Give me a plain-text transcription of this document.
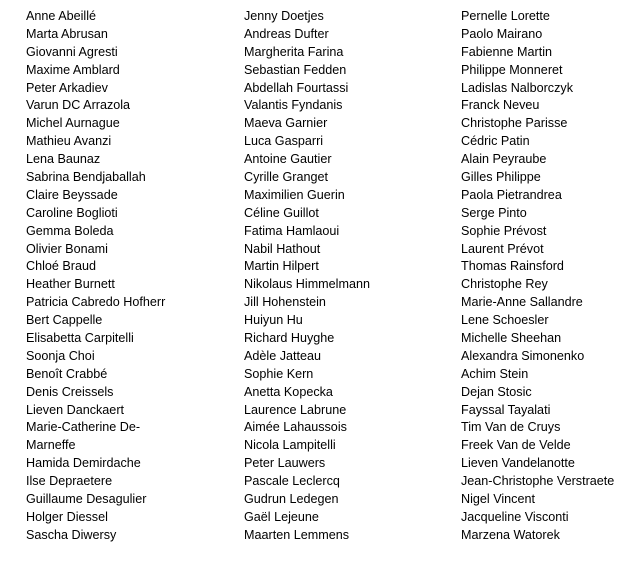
Anne Abeillé
Marta Abrusan
Giovanni Agresti
Maxime Amblard
Peter Arkadiev
Varun DC Arrazola
Michel Aurnague
Mathieu Avanzi
Lena Baunaz
Sabrina Bendjaballah
Claire Beyssade
Caroline Boglioti
Gemma Boleda
Olivier Bonami
Chloé Braud
Heather Burnett
Patricia Cabredo Hofherr
Bert Cappelle
Elisabetta Carpitelli
Soonja Choi
Benoît Crabbé
Denis Creissels
Lieven Danckaert
Marie-Catherine De-
Marneffe
Hamida Demirdache
Ilse Depraetere
Guillaume Desagulier
Holger Diessel
Sascha Diwersy
Jenny Doetjes
Andreas Dufter
Margherita Farina
Sebastian Fedden
Abdellah Fourtassi
Valantis Fyndanis
Maeva Garnier
Luca Gasparri
Antoine Gautier
Cyrille Granget
Maximilien Guerin
Céline Guillot
Fatima Hamlaoui
Nabil Hathout
Martin Hilpert
Nikolaus Himmelmann
Jill Hohenstein
Huiyun Hu
Richard Huyghe
Adèle Jatteau
Sophie Kern
Anetta Kopecka
Laurence Labrune
Aimée Lahaussois
Nicola Lampitelli
Peter Lauwers
Pascale Leclercq
Gudrun Ledegen
Gaël Lejeune
Maarten Lemmens
Pernelle Lorette
Paolo Mairano
Fabienne Martin
Philippe Monneret
Ladislas Nalborczyk
Franck Neveu
Christophe Parisse
Cédric Patin
Alain Peyraube
Gilles Philippe
Paola Pietrandrea
Serge Pinto
Sophie Prévost
Laurent Prévot
Thomas Rainsford
Christophe Rey
Marie-Anne Sallandre
Lene Schoesler
Michelle Sheehan
Alexandra Simonenko
Achim Stein
Dejan Stosic
Fayssal Tayalati
Tim Van de Cruys
Freek Van de Velde
Lieven Vandelanotte
Jean-Christophe Verstraete
Nigel Vincent
Jacqueline Visconti
Marzena Watorek
